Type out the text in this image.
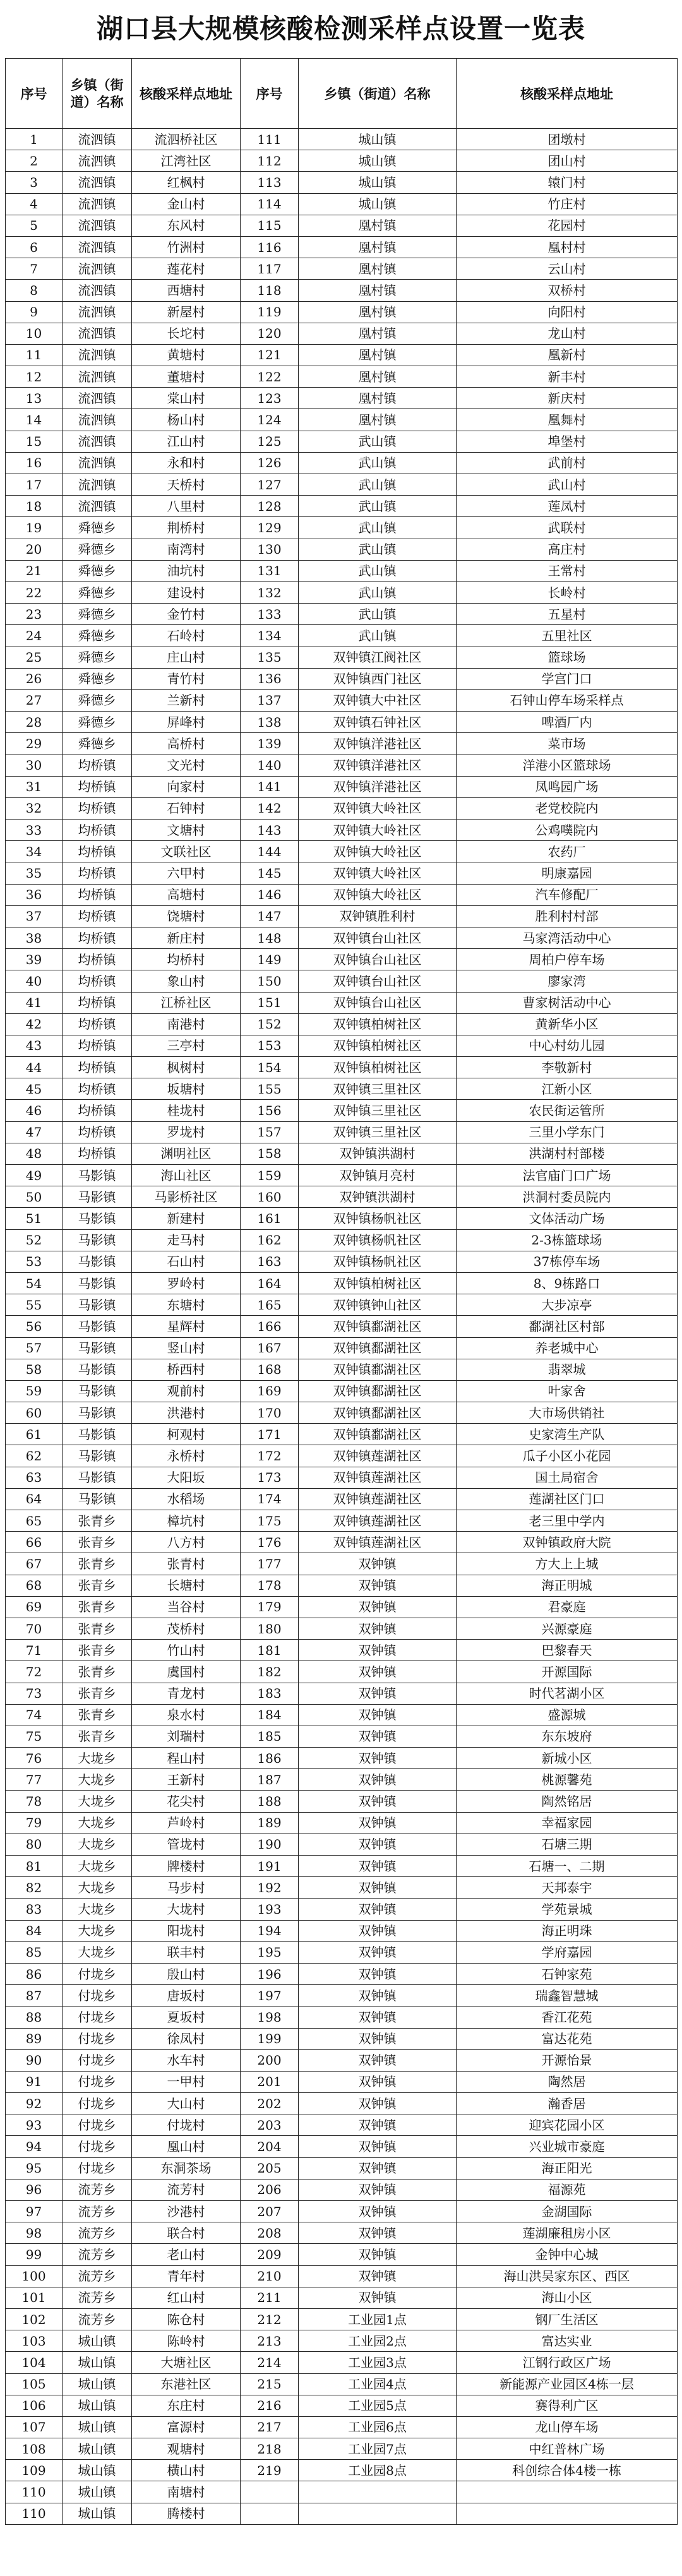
湖口县大规模核酸检测采样点设置一览表
序号	乡镇（街道）名称	核酸采样点地址	序号	乡镇（街道）名称	核酸采样点地址
1	流泗镇	流泗桥社区	111	城山镇	团墩村
2	流泗镇	江湾社区	112	城山镇	团山村
3	流泗镇	红枫村	113	城山镇	辕门村
4	流泗镇	金山村	114	城山镇	竹庄村
5	流泗镇	东风村	115	凰村镇	花园村
6	流泗镇	竹洲村	116	凰村镇	凰村村
7	流泗镇	莲花村	117	凰村镇	云山村
8	流泗镇	西塘村	118	凰村镇	双桥村
9	流泗镇	新屋村	119	凰村镇	向阳村
10	流泗镇	长坨村	120	凰村镇	龙山村
11	流泗镇	黄塘村	121	凰村镇	凰新村
12	流泗镇	董塘村	122	凰村镇	新丰村
13	流泗镇	棠山村	123	凰村镇	新庆村
14	流泗镇	杨山村	124	凰村镇	凰舞村
15	流泗镇	江山村	125	武山镇	埠堡村
16	流泗镇	永和村	126	武山镇	武前村
17	流泗镇	天桥村	127	武山镇	武山村
18	流泗镇	八里村	128	武山镇	莲凤村
19	舜德乡	荆桥村	129	武山镇	武联村
20	舜德乡	南湾村	130	武山镇	高庄村
21	舜德乡	油坑村	131	武山镇	王常村
22	舜德乡	建设村	132	武山镇	长岭村
23	舜德乡	金竹村	133	武山镇	五星村
24	舜德乡	石岭村	134	武山镇	五里社区
25	舜德乡	庄山村	135	双钟镇江阀社区	篮球场
26	舜德乡	青竹村	136	双钟镇西门社区	学宫门口
27	舜德乡	兰新村	137	双钟镇大中社区	石钟山停车场采样点
28	舜德乡	屏峰村	138	双钟镇石钟社区	啤酒厂内
29	舜德乡	高桥村	139	双钟镇洋港社区	菜市场
30	均桥镇	文光村	140	双钟镇洋港社区	洋港小区篮球场
31	均桥镇	向家村	141	双钟镇洋港社区	凤鸣园广场
32	均桥镇	石钟村	142	双钟镇大岭社区	老党校院内
33	均桥镇	文塘村	143	双钟镇大岭社区	公鸡噗院内
34	均桥镇	文联社区	144	双钟镇大岭社区	农药厂
35	均桥镇	六甲村	145	双钟镇大岭社区	明康嘉园
36	均桥镇	高塘村	146	双钟镇大岭社区	汽车修配厂
37	均桥镇	饶塘村	147	双钟镇胜利村	胜利村村部
38	均桥镇	新庄村	148	双钟镇台山社区	马家湾活动中心
39	均桥镇	均桥村	149	双钟镇台山社区	周柏户停车场
40	均桥镇	象山村	150	双钟镇台山社区	廖家湾
41	均桥镇	江桥社区	151	双钟镇台山社区	曹家树活动中心
42	均桥镇	南港村	152	双钟镇柏树社区	黄新华小区
43	均桥镇	三亭村	153	双钟镇柏树社区	中心村幼儿园
44	均桥镇	枫树村	154	双钟镇柏树社区	李敬新村
45	均桥镇	坂塘村	155	双钟镇三里社区	江新小区
46	均桥镇	桂垅村	156	双钟镇三里社区	农民街运管所
47	均桥镇	罗垅村	157	双钟镇三里社区	三里小学东门
48	均桥镇	渊明社区	158	双钟镇洪湖村	洪湖村村部楼
49	马影镇	海山社区	159	双钟镇月亮村	法官庙门口广场
50	马影镇	马影桥社区	160	双钟镇洪湖村	洪洞村委员院内
51	马影镇	新建村	161	双钟镇杨帆社区	文体活动广场
52	马影镇	走马村	162	双钟镇杨帆社区	2-3栋篮球场
53	马影镇	石山村	163	双钟镇杨帆社区	37栋停车场
54	马影镇	罗岭村	164	双钟镇柏树社区	8、9栋路口
55	马影镇	东塘村	165	双钟镇钟山社区	大步凉亭
56	马影镇	星辉村	166	双钟镇鄱湖社区	鄱湖社区村部
57	马影镇	竖山村	167	双钟镇鄱湖社区	养老城中心
58	马影镇	桥西村	168	双钟镇鄱湖社区	翡翠城
59	马影镇	观前村	169	双钟镇鄱湖社区	叶家舍
60	马影镇	洪港村	170	双钟镇鄱湖社区	大市场供销社
61	马影镇	柯观村	171	双钟镇鄱湖社区	史家湾生产队
62	马影镇	永桥村	172	双钟镇莲湖社区	瓜子小区小花园
63	马影镇	大阳坂	173	双钟镇莲湖社区	国土局宿舍
64	马影镇	水稻场	174	双钟镇莲湖社区	莲湖社区门口
65	张青乡	樟坑村	175	双钟镇莲湖社区	老三里中学内
66	张青乡	八方村	176	双钟镇莲湖社区	双钟镇政府大院
67	张青乡	张青村	177	双钟镇	方大上上城
68	张青乡	长塘村	178	双钟镇	海正明城
69	张青乡	当谷村	179	双钟镇	君豪庭
70	张青乡	茂桥村	180	双钟镇	兴源豪庭
71	张青乡	竹山村	181	双钟镇	巴黎春天
72	张青乡	虞国村	182	双钟镇	开源国际
73	张青乡	青龙村	183	双钟镇	时代茗湖小区
74	张青乡	泉水村	184	双钟镇	盛源城
75	张青乡	刘瑞村	185	双钟镇	东东坡府
76	大垅乡	程山村	186	双钟镇	新城小区
77	大垅乡	王新村	187	双钟镇	桃源馨苑
78	大垅乡	花尖村	188	双钟镇	陶然铭居
79	大垅乡	芦岭村	189	双钟镇	幸福家园
80	大垅乡	管垅村	190	双钟镇	石塘三期
81	大垅乡	牌楼村	191	双钟镇	石塘一、二期
82	大垅乡	马步村	192	双钟镇	天邦泰宇
83	大垅乡	大垅村	193	双钟镇	学苑景城
84	大垅乡	阳垅村	194	双钟镇	海正明珠
85	大垅乡	联丰村	195	双钟镇	学府嘉园
86	付垅乡	殷山村	196	双钟镇	石钟家苑
87	付垅乡	唐坂村	197	双钟镇	瑞鑫智慧城
88	付垅乡	夏坂村	198	双钟镇	香江花苑
89	付垅乡	徐凤村	199	双钟镇	富达花苑
90	付垅乡	水车村	200	双钟镇	开源怡景
91	付垅乡	一甲村	201	双钟镇	陶然居
92	付垅乡	大山村	202	双钟镇	瀚香居
93	付垅乡	付垅村	203	双钟镇	迎宾花园小区
94	付垅乡	凰山村	204	双钟镇	兴业城市豪庭
95	付垅乡	东洞茶场	205	双钟镇	海正阳光
96	流芳乡	流芳村	206	双钟镇	福源苑
97	流芳乡	沙港村	207	双钟镇	金湖国际
98	流芳乡	联合村	208	双钟镇	莲湖廉租房小区
99	流芳乡	老山村	209	双钟镇	金钟中心城
100	流芳乡	青年村	210	双钟镇	海山洪吴家东区、西区
101	流芳乡	红山村	211	双钟镇	海山小区
102	流芳乡	陈仓村	212	工业园1点	钢厂生活区
103	城山镇	陈岭村	213	工业园2点	富达实业
104	城山镇	大塘社区	214	工业园3点	江钢行政区广场
105	城山镇	东港社区	215	工业园4点	新能源产业园区4栋一层
106	城山镇	东庄村	216	工业园5点	赛得利广区
107	城山镇	富源村	217	工业园6点	龙山停车场
108	城山镇	观塘村	218	工业园7点	中红普林广场
109	城山镇	横山村	219	工业园8点	科创综合体4楼一栋
110	城山镇	南塘村			
110	城山镇	腾楼村			
